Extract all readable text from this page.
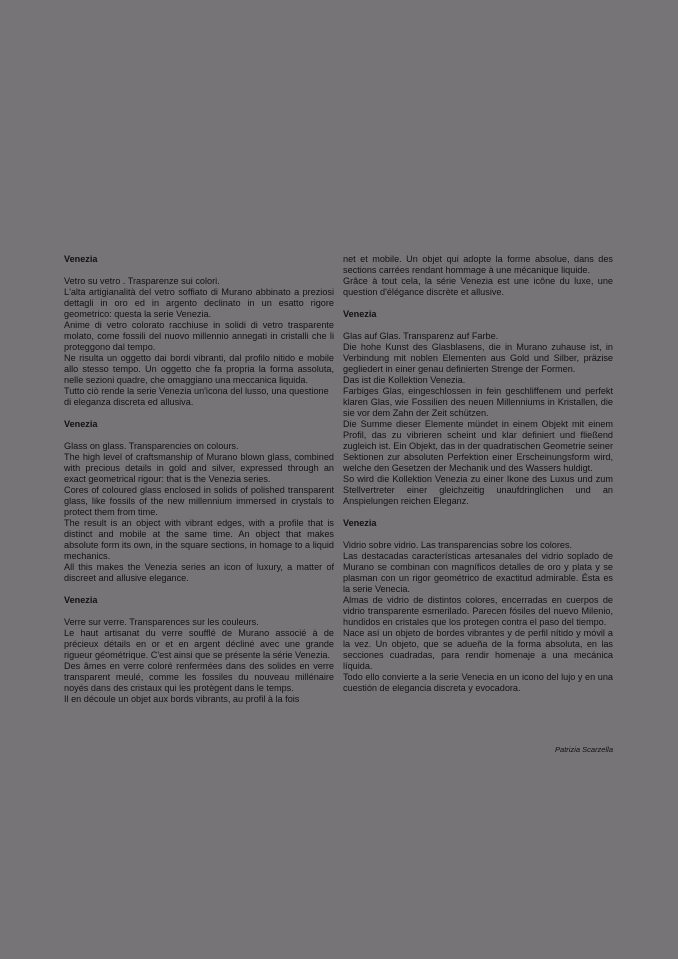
Venezia

Vetro su vetro . Trasparenze sui colori.

L'alta artigianalità del vetro soffiato di Murano abbinato a preziosi dettagli in oro ed in argento declinato in un esatto rigore geometrico: questa la serie Venezia.

Anime di vetro colorato racchiuse in solidi di vetro trasparente molato, come fossili del nuovo millennio annegati in cristalli che li proteggono dal tempo.

Ne risulta un oggetto dai bordi vibranti, dal profilo nitido e mobile allo stesso tempo. Un oggetto che fa propria la forma assoluta, nelle sezioni quadre, che omaggiano una meccanica liquida.

Tutto ciò rende la serie Venezia un'icona del lusso, una questione di eleganza discreta ed allusiva.

Venezia

Glass on glass. Transparencies on colours.

The high level of craftsmanship of Murano blown glass, combined with precious details in gold and silver, expressed through an exact geometrical rigour: that is the Venezia series.

Cores of coloured glass enclosed in solids of polished transparent glass, like fossils of the new millennium immersed in crystals to protect them from time.

The result is an object with vibrant edges, with a profile that is distinct and mobile at the same time. An object that makes absolute form its own, in the square sections, in homage to a liquid mechanics.

All this makes the Venezia series an icon of luxury, a matter of discreet and allusive elegance.

Venezia

Verre sur verre. Transparences sur les couleurs.

Le haut artisanat du verre soufflé de Murano associé à de précieux détails en or et en argent décliné avec une grande rigueur géométrique. C'est ainsi que se présente la série Venezia.

Des âmes en verre coloré renfermées dans des solides en verre transparent meulé, comme les fossiles du nouveau millénaire noyés dans des cristaux qui les protègent dans le temps.

Il en découle un objet aux bords vibrants, au profil à la fois

net et mobile. Un objet qui adopte la forme absolue, dans des sections carrées rendant hommage à une mécanique liquide.

Grâce à tout cela, la série Venezia est une icône du luxe, une question d'élégance discrète et allusive.

Venezia

Glas auf Glas. Transparenz auf Farbe.

Die hohe Kunst des Glasblasens, die in Murano zuhause ist, in Verbindung mit noblen Elementen aus Gold und Silber, präzise gegliedert in einer genau definierten Strenge der Formen.

Das ist die Kollektion Venezia.

Farbiges Glas, eingeschlossen in fein geschliffenem und perfekt klaren Glas, wie Fossilien des neuen Millenniums in Kristallen, die sie vor dem Zahn der Zeit schützen.

Die Summe dieser Elemente mündet in einem Objekt mit einem Profil, das zu vibrieren scheint und klar definiert und fließend zugleich ist. Ein Objekt, das in der quadratischen Geometrie seiner Sektionen zur absoluten Perfektion einer Erscheinungsform wird, welche den Gesetzen der Mechanik und des Wassers huldigt.

So wird die Kollektion Venezia zu einer Ikone des Luxus und zum Stellvertreter einer gleichzeitig unaufdringlichen und an Anspielungen reichen Eleganz.

Venezia

Vidrio sobre vidrio. Las transparencias sobre los colores.

Las destacadas características artesanales del vidrio soplado de Murano se combinan con magníficos detalles de oro y plata y se plasman con un rigor geométrico de exactitud admirable. Ésta es la serie Venecia.

Almas de vidrio de distintos colores, encerradas en cuerpos de vidrio transparente esmerilado. Parecen fósiles del nuevo Milenio, hundidos en cristales que los protegen contra el paso del tiempo.

Nace así un objeto de bordes vibrantes y de perfil nítido y móvil a la vez. Un objeto, que se adueña de la forma absoluta, en las secciones cuadradas, para rendir homenaje a una mecánica líquida.

Todo ello convierte a la serie Venecia en un icono del lujo y en una cuestión de elegancia discreta y evocadora.

Patrizia Scarzella
